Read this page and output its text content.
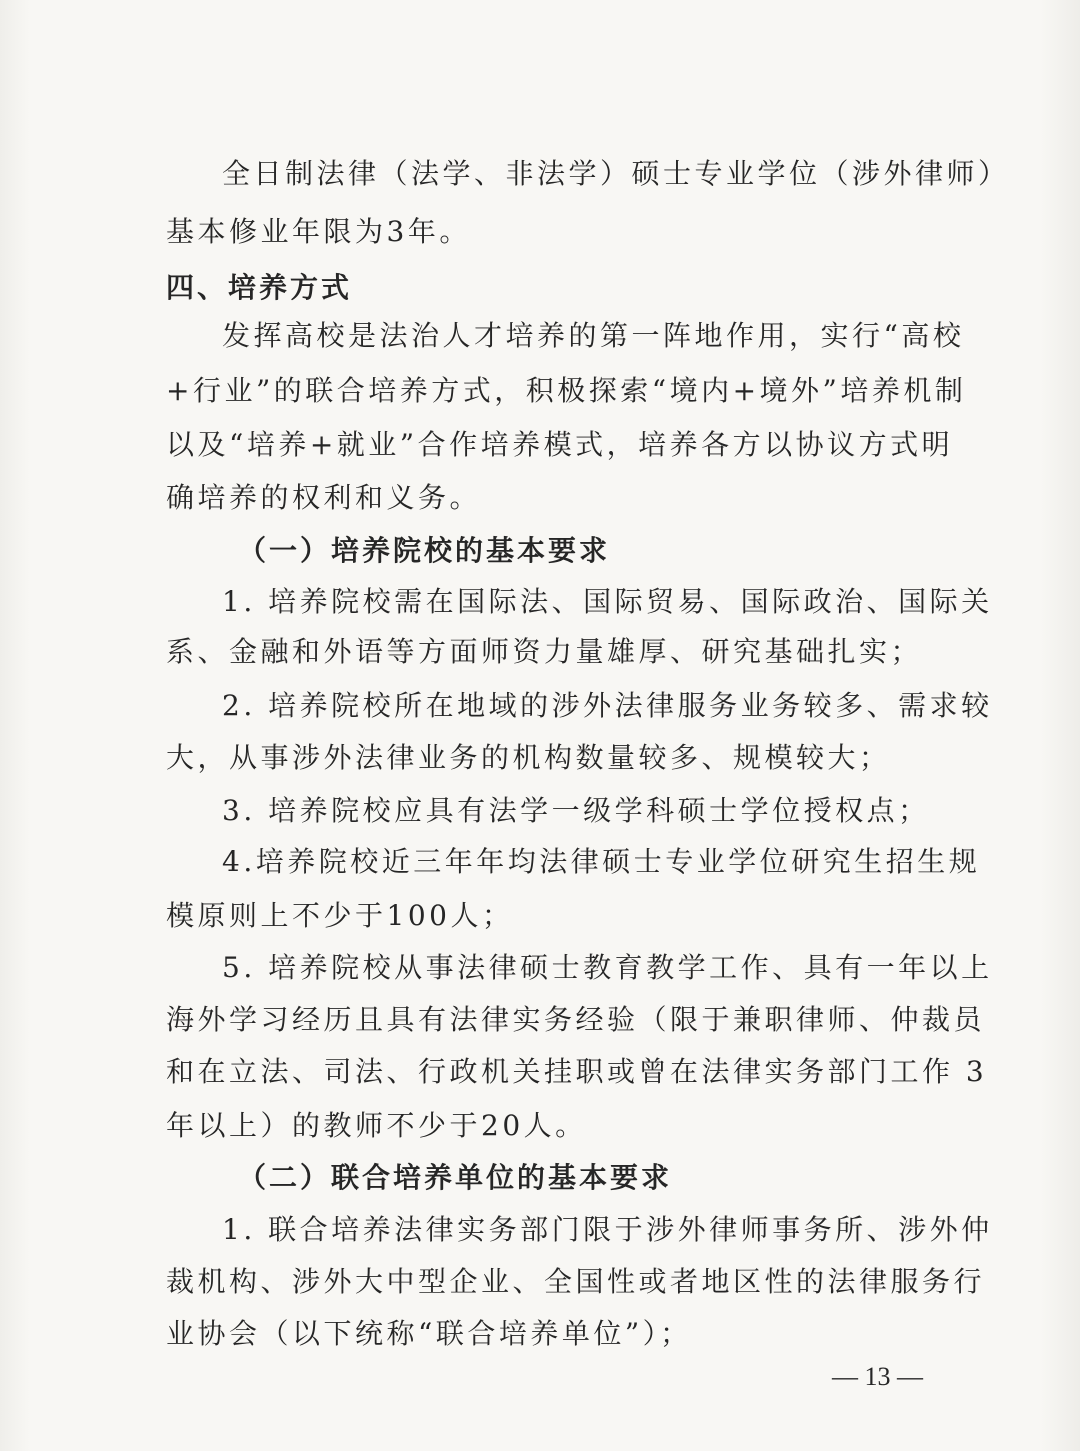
全日制法律（法学、非法学）硕士专业学位（涉外律师）
基本修业年限为3年。
四、培养方式
发挥高校是法治人才培养的第一阵地作用，实行“高校
+行业”的联合培养方式，积极探索“境内+境外”培养机制
以及“培养+就业”合作培养模式，培养各方以协议方式明
确培养的权利和义务。
（一）培养院校的基本要求
1. 培养院校需在国际法、国际贸易、国际政治、国际关
系、金融和外语等方面师资力量雄厚、研究基础扎实；
2. 培养院校所在地域的涉外法律服务业务较多、需求较
大，从事涉外法律业务的机构数量较多、规模较大；
3. 培养院校应具有法学一级学科硕士学位授权点；
4.培养院校近三年年均法律硕士专业学位研究生招生规
模原则上不少于100人；
5. 培养院校从事法律硕士教育教学工作、具有一年以上
海外学习经历且具有法律实务经验（限于兼职律师、仲裁员
和在立法、司法、行政机关挂职或曾在法律实务部门工作 3
年以上）的教师不少于20人。
（二）联合培养单位的基本要求
1. 联合培养法律实务部门限于涉外律师事务所、涉外仲
裁机构、涉外大中型企业、全国性或者地区性的法律服务行
业协会（以下统称“联合培养单位”）；
— 13 —
